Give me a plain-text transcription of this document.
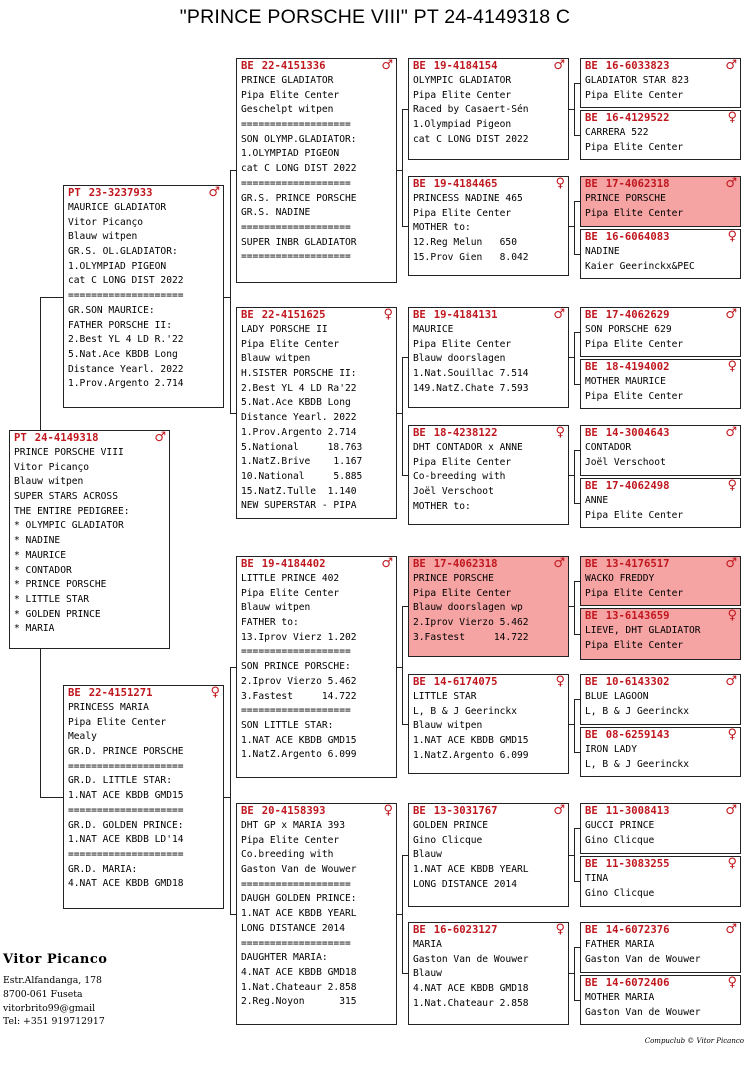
"PRINCE PORSCHE VIII" PT 24-4149318 C
PT 24-4149318	♂
PRINCE PORSCHE VIII
Vitor Picanço
Blauw witpen
SUPER STARS ACROSS
THE ENTIRE PEDIGREE:
* OLYMPIC GLADIATOR
* NADINE
* MAURICE
* CONTADOR
* PRINCE PORSCHE
* LITTLE STAR
* GOLDEN PRINCE
* MARIA
PT 23-3237933	♂
MAURICE GLADIATOR
Vitor Picanço
Blauw witpen
GR.S. OL.GLADIATOR:
1.OLYMPIAD PIGEON
cat C LONG DIST 2022
====================
GR.SON MAURICE:
FATHER PORSCHE II:
2.Best YL 4 LD R.'22
5.Nat.Ace KBDB Long
Distance Yearl. 2022
1.Prov.Argento 2.714
BE 22-4151271	♀
PRINCESS MARIA
Pipa Elite Center
Mealy
GR.D. PRINCE PORSCHE
====================
GR.D. LITTLE STAR:
1.NAT ACE KBDB GMD15
====================
GR.D. GOLDEN PRINCE:
1.NAT ACE KBDB LD'14
====================
GR.D. MARIA:
4.NAT ACE KBDB GMD18
BE 22-4151336	♂
PRINCE GLADIATOR
Pipa Elite Center
Geschelpt witpen
===================
SON OLYMP.GLADIATOR:
1.OLYMPIAD PIGEON
cat C LONG DIST 2022
===================
GR.S. PRINCE PORSCHE
GR.S. NADINE
===================
SUPER INBR GLADIATOR
===================
BE 22-4151625	♀
LADY PORSCHE II
Pipa Elite Center
Blauw witpen
H.SISTER PORSCHE II:
2.Best YL 4 LD Ra'22
5.Nat.Ace KBDB Long
Distance Yearl. 2022
1.Prov.Argento 2.714
5.National     18.763
1.NatZ.Brive    1.167
10.National     5.885
15.NatZ.Tulle  1.140
NEW SUPERSTAR - PIPA
BE 19-4184402	♂
LITTLE PRINCE 402
Pipa Elite Center
Blauw witpen
FATHER to:
13.Iprov Vierz 1.202
===================
SON PRINCE PORSCHE:
2.Iprov Vierzo 5.462
3.Fastest     14.722
===================
SON LITTLE STAR:
1.NAT ACE KBDB GMD15
1.NatZ.Argento 6.099
BE 20-4158393	♀
DHT GP x MARIA 393
Pipa Elite Center
Co.breeding with
Gaston Van de Wouwer
===================
DAUGH GOLDEN PRINCE:
1.NAT ACE KBDB YEARL
LONG DISTANCE 2014
===================
DAUGHTER MARIA:
4.NAT ACE KBDB GMD18
1.Nat.Chateaur 2.858
2.Reg.Noyon      315
BE 19-4184154	♂
OLYMPIC GLADIATOR
Pipa Elite Center
Raced by Casaert-Sén
1.Olympiad Pigeon
cat C LONG DIST 2022
BE 19-4184465	♀
PRINCESS NADINE 465
Pipa Elite Center
MOTHER to:
12.Reg Melun   650
15.Prov Gien   8.042
BE 19-4184131	♂
MAURICE
Pipa Elite Center
Blauw doorslagen
1.Nat.Souillac 7.514
149.NatZ.Chate 7.593
BE 18-4238122	♀
DHT CONTADOR x ANNE
Pipa Elite Center
Co-breeding with
Joël Verschoot
MOTHER to:
BE 17-4062318	♂
PRINCE PORSCHE
Pipa Elite Center
Blauw doorslagen wp
2.Iprov Vierzo 5.462
3.Fastest     14.722
BE 14-6174075	♀
LITTLE STAR
L, B & J Geerinckx
Blauw witpen
1.NAT ACE KBDB GMD15
1.NatZ.Argento 6.099
BE 13-3031767	♂
GOLDEN PRINCE
Gino Clicque
Blauw
1.NAT ACE KBDB YEARL
LONG DISTANCE 2014
BE 16-6023127	♀
MARIA
Gaston Van de Wouwer
Blauw
4.NAT ACE KBDB GMD18
1.Nat.Chateaur 2.858
BE 16-6033823	♂
GLADIATOR STAR 823
Pipa Elite Center
BE 16-4129522	♀
CARRERA 522
Pipa Elite Center
BE 17-4062318	♂
PRINCE PORSCHE
Pipa Elite Center
BE 16-6064083	♀
NADINE
Kaier Geerinckx&PEC
BE 17-4062629	♂
SON PORSCHE 629
Pipa Elite Center
BE 18-4194002	♀
MOTHER MAURICE
Pipa Elite Center
BE 14-3004643	♂
CONTADOR
Joël Verschoot
BE 17-4062498	♀
ANNE
Pipa Elite Center
BE 13-4176517	♂
WACKO FREDDY
Pipa Elite Center
BE 13-6143659	♀
LIEVE, DHT GLADIATOR
Pipa Elite Center
BE 10-6143302	♂
BLUE LAGOON
L, B & J Geerinckx
BE 08-6259143	♀
IRON LADY
L, B & J Geerinckx
BE 11-3008413	♂
GUCCI PRINCE
Gino Clicque
BE 11-3083255	♀
TINA
Gino Clicque
BE 14-6072376	♂
FATHER MARIA
Gaston Van de Wouwer
BE 14-6072406	♀
MOTHER MARIA
Gaston Van de Wouwer
Vitor Picanco
Estr.Alfandanga, 178
8700-061 Fuseta
vitorbrito99@gmail
Tel: +351 919712917
Compuclub © Vitor Picanco
